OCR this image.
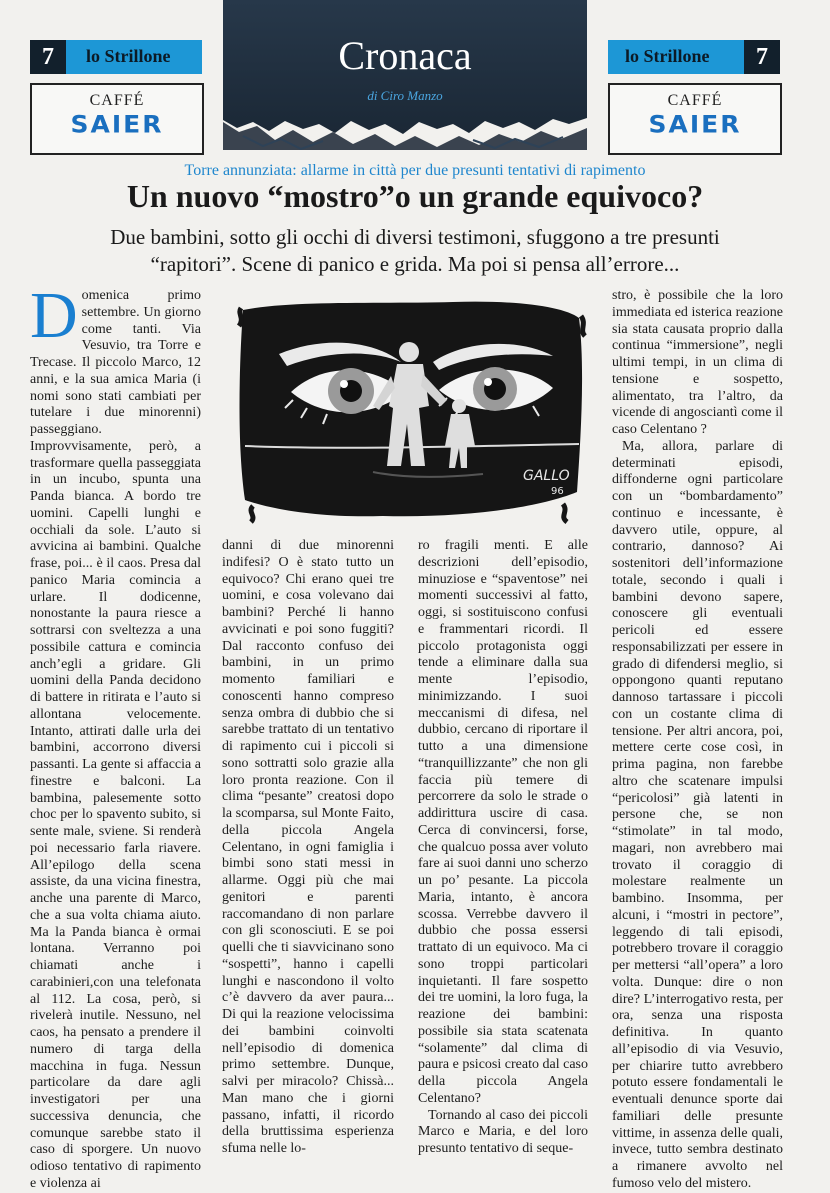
7	lo Strillone
CAFFÉ
SAIER
lo Strillone	7
CAFFÉ
SAIER
Cronaca
di Ciro Manzo
Torre annunziata: allarme in città per due presunti tentativi di rapimento
Un nuovo “mostro”o un grande equivoco?
Due bambini, sotto gli occhi di diversi testimoni, sfuggono a tre presunti
“rapitori”. Scene di panico e grida. Ma poi si pensa all’errore...
GALLO
96

Domenica primo settembre. Un giorno come tanti. Via Vesuvio, tra Torre e Trecase. Il piccolo Marco, 12 anni, e la sua amica Maria (i nomi sono stati cambiati per tutelare i due minorenni) passeggiano. Improvvisamente, però, a trasformare quella passeggiata in un incubo, spunta una Panda bianca. A bordo tre uomini. Capelli lunghi e occhiali da sole. L’auto si avvicina ai bambini. Qualche frase, poi... è il caos. Presa dal panico Maria comincia a urlare. Il dodicenne, nonostante la paura riesce a sottrarsi con sveltezza a una possibile cattura e comincia anch’egli a gridare. Gli uomini della Panda decidono di battere in ritirata e l’auto si allontana velocemente. Intanto, attirati dalle urla dei bambini, accorrono diversi passanti. La gente si affaccia a finestre e balconi. La bambina, palesemente sotto choc per lo spavento subito, si sente male, sviene. Si renderà poi necessario farla riavere. All’epilogo della scena assiste, da una vicina finestra, anche una parente di Marco, che a sua volta chiama aiuto. Ma la Panda bianca è ormai lontana. Verranno poi chiamati anche i carabinieri,con una telefonata al 112. La cosa, però, si rivelerà inutile. Nessuno, nel caos, ha pensato a prendere il numero di targa della macchina in fuga. Nessun particolare da dare agli investigatori per una successiva denuncia, che comunque sarebbe stato il caso di sporgere. Un nuovo odioso tentativo di rapimento e violenza ai

danni di due minorenni indifesi? O è stato tutto un equivoco? Chi erano quei tre uomini, e cosa volevano dai bambini? Perché li hanno avvicinati e poi sono fuggiti? Dal racconto confuso dei bambini, in un primo momento familiari e conoscenti hanno compreso senza ombra di dubbio che si sarebbe trattato di un tentativo di rapimento cui i piccoli si sono sottratti solo grazie alla loro pronta reazione. Con il clima “pesante” creatosi dopo la scomparsa, sul Monte Faito, della piccola Angela Celentano, in ogni famiglia i bimbi sono stati messi in allarme. Oggi più che mai genitori e parenti raccomandano di non parlare con gli sconosciuti. E se poi quelli che ti siavvicinano sono “sospetti”, hanno i capelli lunghi e nascondono il volto c’è davvero da aver paura... Di qui la reazione velocissima dei bambini coinvolti nell’episodio di domenica primo settembre. Dunque, salvi per miracolo? Chissà... Man mano che i giorni passano, infatti, il ricordo della bruttissima esperienza sfuma nelle lo-

ro fragili menti. E alle descrizioni dell’episodio, minuziose e “spaventose” nei momenti successivi al fatto, oggi, si sostituiscono confusi e frammentari ricordi. Il piccolo protagonista oggi tende a eliminare dalla sua mente l’episodio, minimizzando. I suoi meccanismi di difesa, nel dubbio, cercano di riportare il tutto a una dimensione “tranquillizzante” che non gli faccia più temere di percorrere da solo le strade o addirittura uscire di casa. Cerca di convincersi, forse, che qualcuo possa aver voluto fare ai suoi danni uno scherzo un po’ pesante. La piccola Maria, intanto, è ancora scossa. Verrebbe davvero il dubbio che possa essersi trattato di un equivoco. Ma ci sono troppi particolari inquietanti. Il fare sospetto dei tre uomini, la loro fuga, la reazione dei bambini: possibile sia stata scatenata “solamente” dal clima di paura e psicosi creato dal caso della piccola Angela Celentano?

Tornando al caso dei piccoli Marco e Maria, e del loro presunto tentativo di seque-

stro, è possibile che la loro immediata ed isterica reazione sia stata causata proprio dalla continua “immersione”, negli ultimi tempi, in un clima di tensione e sospetto, alimentato, tra l’altro, da vicende di angosciantì come il caso Celentano ?

Ma, allora, parlare di determinati episodi, diffonderne ogni particolare con un “bombardamento” continuo e incessante, è davvero utile, oppure, al contrario, dannoso? Ai sostenitori dell’informazione totale, secondo i quali i bambini devono sapere, conoscere gli eventuali pericoli ed essere responsabilizzati per essere in grado di difendersi meglio, si oppongono quanti reputano dannoso tartassare i piccoli con un costante clima di tensione. Per altri ancora, poi, mettere certe cose così, in prima pagina, non farebbe altro che scatenare impulsi “pericolosi” già latenti in persone che, se non “stimolate” in tal modo, magari, non avrebbero mai trovato il coraggio di molestare realmente un bambino. Insomma, per alcuni, i “mostri in pectore”, leggendo di tali episodi, potrebbero trovare il coraggio per mettersi “all’opera” a loro volta. Dunque: dire o non dire? L’interrogativo resta, per ora, senza una risposta definitiva. In quanto all’episodio di via Vesuvio, per chiarire tutto avrebbero potuto essere fondamentali le eventuali denunce sporte dai familiari delle presunte vittime, in assenza delle quali, invece, tutto sembra destinato a rimanere avvolto nel fumoso velo del mistero.
